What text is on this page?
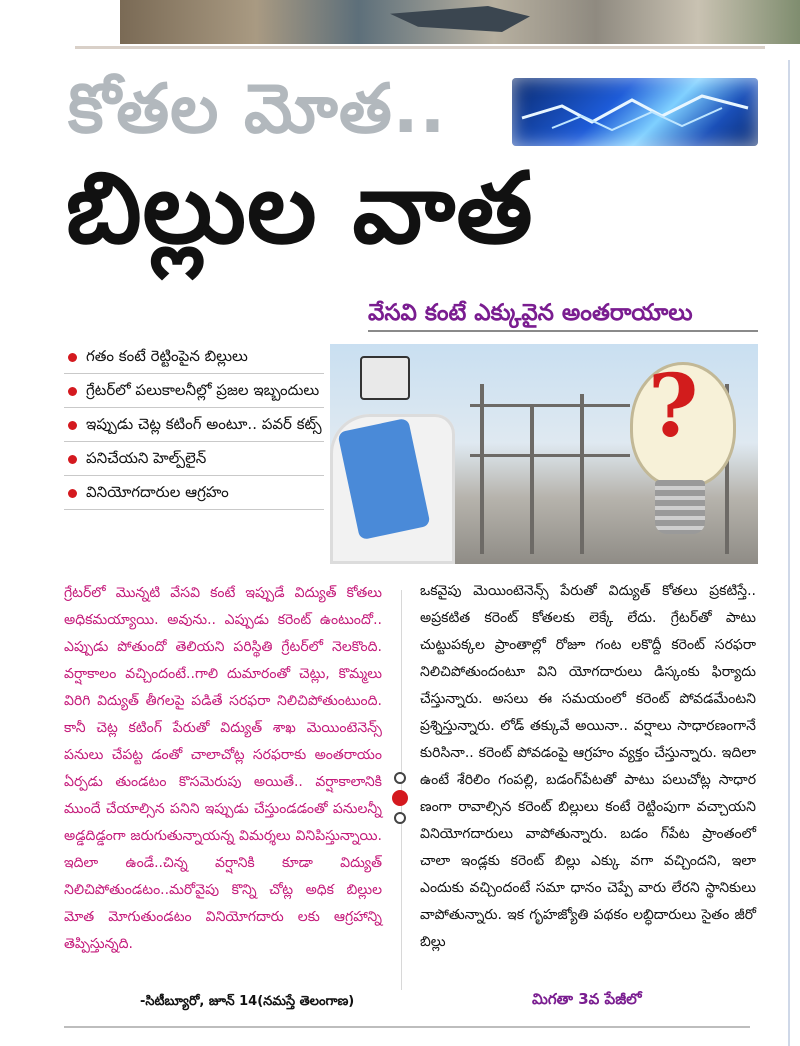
కోతల మోత..
బిల్లుల వాత
వేసవి కంటే ఎక్కువైన అంతరాయాలు
గతం కంటే రెట్టింపైన బిల్లులు
గ్రేటర్‌లో పలుకాలనీల్లో ప్రజల ఇబ్బందులు
ఇప్పుడు చెట్ల కటింగ్ అంటూ.. పవర్ కట్స్
పనిచేయని హెల్ప్‌లైన్
వినియోగదారుల ఆగ్రహం
?

గ్రేటర్‌లో మొన్నటి వేసవి కంటే ఇప్పుడే విద్యుత్ కోతలు అధికమయ్యాయి. అవును.. ఎప్పుడు కరెంట్ ఉంటుందో.. ఎప్పుడు పోతుందో తెలియని పరిస్థితి గ్రేటర్‌లో నెలకొంది. వర్షాకాలం వచ్చిందంటే..గాలి దుమారంతో చెట్లు, కొమ్మలు విరిగి విద్యుత్ తీగలపై పడితే సరఫరా నిలిచిపోతుంటుంది. కానీ చెట్ల కటింగ్ పేరుతో విద్యుత్ శాఖ మెయింటెనెన్స్ పనులు చేపట్ట డంతో చాలాచోట్ల సరఫరాకు అంతరాయం ఏర్పడు తుండటం కొసమెరుపు అయితే.. వర్షాకాలానికి ముందే చేయాల్సిన పనిని ఇప్పుడు చేస్తుండడంతో పనులన్నీ అడ్డదిడ్డంగా జరుగుతున్నాయన్న విమర్శలు వినిపిస్తున్నాయి. ఇదిలా ఉండే..చిన్న వర్షానికి కూడా విద్యుత్ నిలిచిపోతుండటం..మరోవైపు కొన్ని చోట్ల అధిక బిల్లుల మోత మోగుతుండటం వినియోగదారు లకు ఆగ్రహాన్ని తెప్పిస్తున్నది.

-సిటీబ్యూరో, జూన్ 14(నమస్తే తెలంగాణ)

ఒకవైపు మెయింటెనెన్స్ పేరుతో విద్యుత్ కోతలు ప్రకటిస్తే.. అప్రకటిత కరెంట్ కోతలకు లెక్కే లేదు. గ్రేటర్‌తో పాటు చుట్టుపక్కల ప్రాంతాల్లో రోజూ గంట లకొద్దీ కరెంట్ సరఫరా నిలిచిపోతుందంటూ విని యోగదారులు డిస్కంకు ఫిర్యాదు చేస్తున్నారు. అసలు ఈ సమయంలో కరెంట్ పోవడమేంటని ప్రశ్నిస్తున్నారు. లోడ్ తక్కువే అయినా.. వర్షాలు సాధారణంగానే కురిసినా.. కరెంట్ పోవడంపై ఆగ్రహం వ్యక్తం చేస్తున్నారు. ఇదిలా ఉంటే శేరిలిం గంపల్లి, బడంగ్‌పేటతో పాటు పలుచోట్ల సాధార ణంగా రావాల్సిన కరెంట్ బిల్లులు కంటే రెట్టింపుగా వచ్చాయని వినియోగదారులు వాపోతున్నారు. బడం గ్‌పేట ప్రాంతంలో చాలా ఇండ్లకు కరెంట్ బిల్లు ఎక్కు వగా వచ్చిందని, ఇలా ఎందుకు వచ్చిందంటే సమా ధానం చెప్పే వారు లేరని స్థానికులు వాపోతున్నారు. ఇక గృహజ్యోతి పథకం లబ్ధిదారులు సైతం జీరో బిల్లు

మిగతా 3వ పేజీలో
